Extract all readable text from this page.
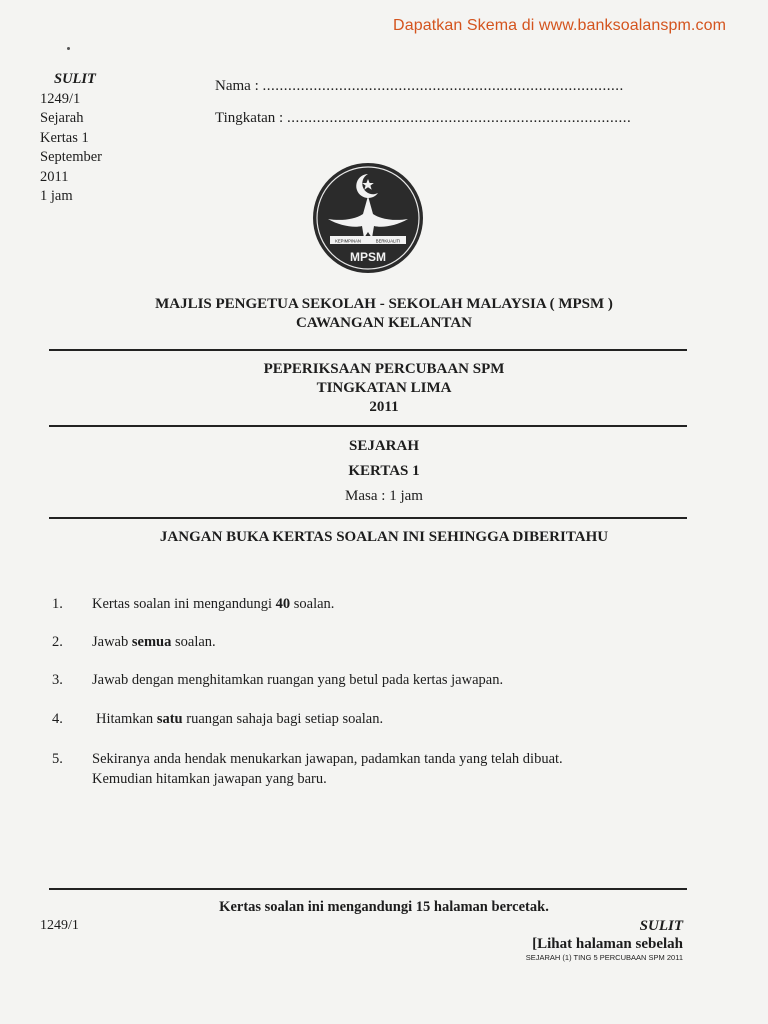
Dapatkan Skema di www.banksoalanspm.com
SULIT
1249/1
Sejarah
Kertas 1
September
2011
1 jam
Nama : .....................................................................................
Tingkatan : .................................................................................
KEPIMPINAN	BERKUALITI
MPSM
MAJLIS PENGETUA SEKOLAH - SEKOLAH MALAYSIA ( MPSM )
CAWANGAN KELANTAN
PEPERIKSAAN PERCUBAAN SPM
TINGKATAN LIMA
2011
SEJARAH
KERTAS 1
Masa : 1 jam
JANGAN BUKA KERTAS SOALAN INI SEHINGGA DIBERITAHU
1. Kertas soalan ini mengandungi 40 soalan.
2. Jawab semua soalan.
3. Jawab dengan menghitamkan ruangan yang betul pada kertas jawapan.
4. Hitamkan satu ruangan sahaja bagi setiap soalan.
5. Sekiranya anda hendak menukarkan jawapan, padamkan tanda yang telah dibuat.
Kemudian hitamkan jawapan yang baru.
Kertas soalan ini mengandungi 15 halaman bercetak.
1249/1	SULIT
[Lihat halaman sebelah
SEJARAH (1) TING 5 PERCUBAAN SPM 2011
